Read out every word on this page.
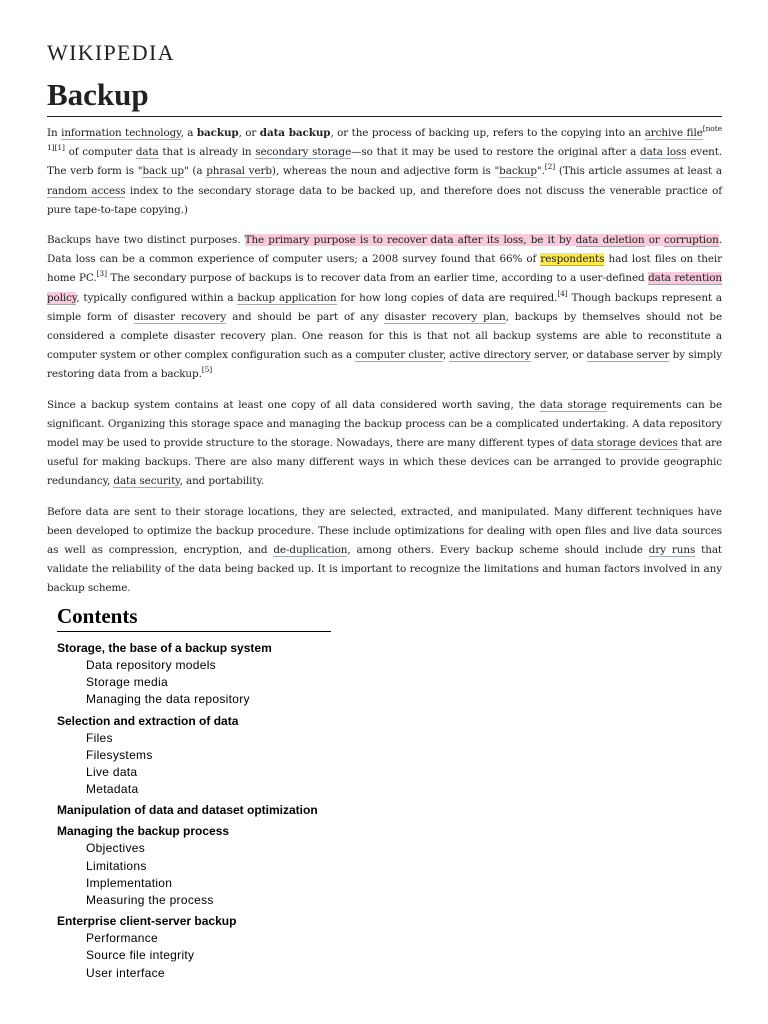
WIKIPEDIA
Backup

In information technology, a backup, or data backup, or the process of backing up, refers to the copying into an archive file[note 1][1] of computer data that is already in secondary storage—so that it may be used to restore the original after a data loss event. The verb form is "back up" (a phrasal verb), whereas the noun and adjective form is "backup".[2] (This article assumes at least a random access index to the secondary storage data to be backed up, and therefore does not discuss the venerable practice of pure tape-to-tape copying.)

Backups have two distinct purposes. The primary purpose is to recover data after its loss, be it by data deletion or corruption. Data loss can be a common experience of computer users; a 2008 survey found that 66% of respondents had lost files on their home PC.[3] The secondary purpose of backups is to recover data from an earlier time, according to a user-defined data retention policy, typically configured within a backup application for how long copies of data are required.[4] Though backups represent a simple form of disaster recovery and should be part of any disaster recovery plan, backups by themselves should not be considered a complete disaster recovery plan. One reason for this is that not all backup systems are able to reconstitute a computer system or other complex configuration such as a computer cluster, active directory server, or database server by simply restoring data from a backup.[5]

Since a backup system contains at least one copy of all data considered worth saving, the data storage requirements can be significant. Organizing this storage space and managing the backup process can be a complicated undertaking. A data repository model may be used to provide structure to the storage. Nowadays, there are many different types of data storage devices that are useful for making backups. There are also many different ways in which these devices can be arranged to provide geographic redundancy, data security, and portability.

Before data are sent to their storage locations, they are selected, extracted, and manipulated. Many different techniques have been developed to optimize the backup procedure. These include optimizations for dealing with open files and live data sources as well as compression, encryption, and de-duplication, among others. Every backup scheme should include dry runs that validate the reliability of the data being backed up. It is important to recognize the limitations and human factors involved in any backup scheme.

Contents
Storage, the base of a backup system
Data repository models
Storage media
Managing the data repository
Selection and extraction of data
Files
Filesystems
Live data
Metadata
Manipulation of data and dataset optimization
Managing the backup process
Objectives
Limitations
Implementation
Measuring the process
Enterprise client-server backup
Performance
Source file integrity
User interface
